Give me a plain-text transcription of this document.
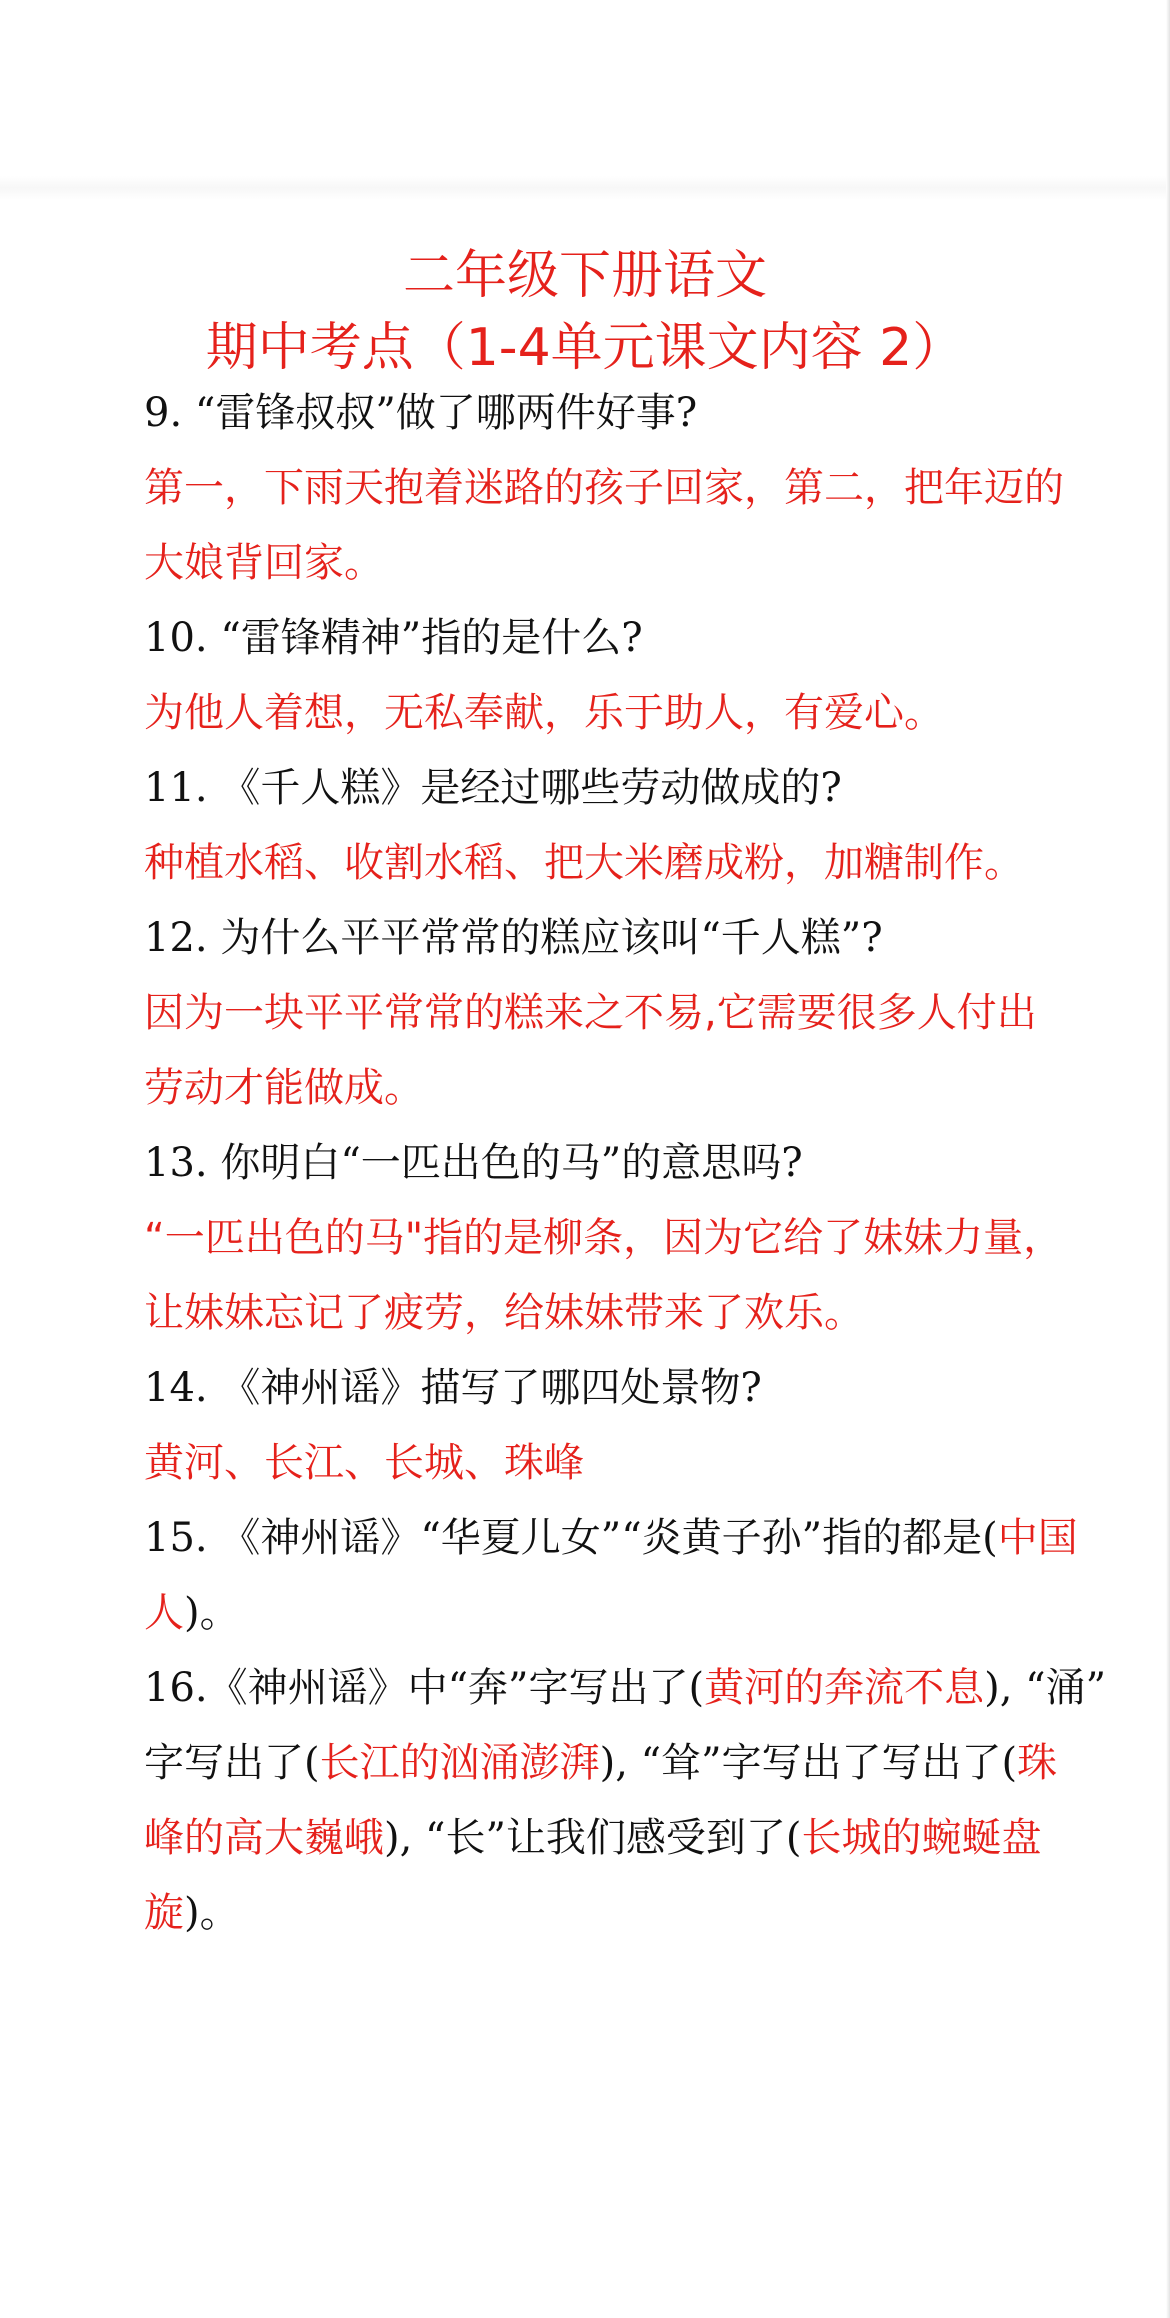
二年级下册语文
期中考点（1-4单元课文内容 2）
9. “雷锋叔叔”做了哪两件好事?
第一，下雨天抱着迷路的孩子回家，第二，把年迈的
大娘背回家。
10. “雷锋精神”指的是什么?
为他人着想，无私奉献，乐于助人，有爱心。
11. 《千人糕》是经过哪些劳动做成的?
种植水稻、收割水稻、把大米磨成粉，加糖制作。
12. 为什么平平常常的糕应该叫“千人糕”?
因为一块平平常常的糕来之不易,它需要很多人付出
劳动才能做成。
13. 你明白“一匹出色的马”的意思吗?
“一匹出色的马"指的是柳条，因为它给了妹妹力量，
让妹妹忘记了疲劳，给妹妹带来了欢乐。
14. 《神州谣》描写了哪四处景物?
黄河、长江、长城、珠峰
15. 《神州谣》“华夏儿女”“炎黄子孙”指的都是(中国
人)。
16.《神州谣》中“奔”字写出了(黄河的奔流不息), “涌”
字写出了(长江的汹涌澎湃), “耸”字写出了写出了(珠
峰的高大巍峨), “长”让我们感受到了(长城的蜿蜒盘
旋)。
